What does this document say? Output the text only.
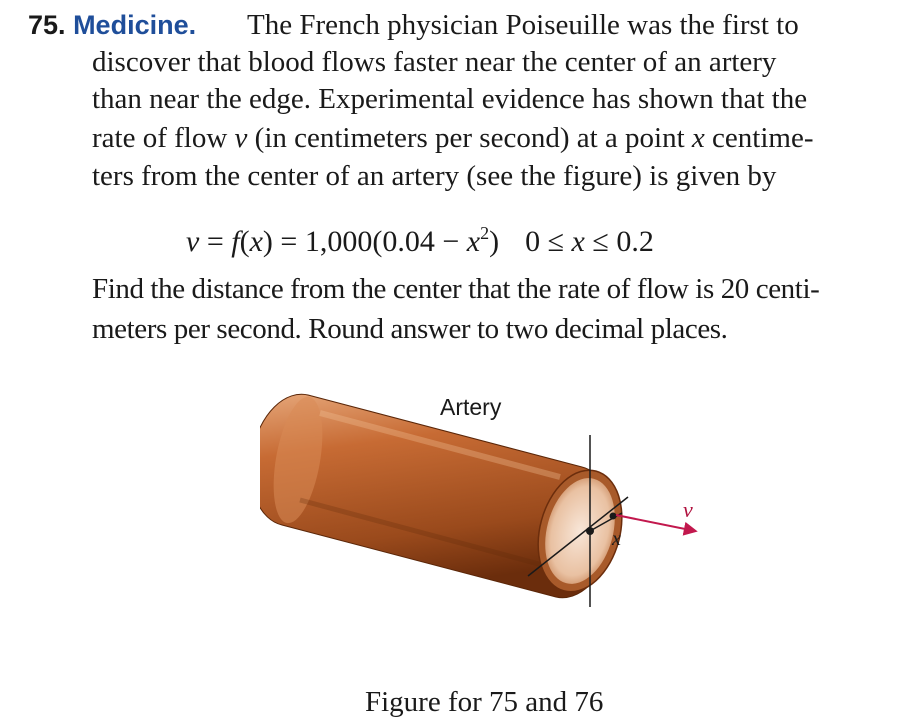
75. Medicine. The French physician Poiseuille was the first to
discover that blood flows faster near the center of an artery
than near the edge. Experimental evidence has shown that the
rate of flow v (in centimeters per second) at a point x centime-
ters from the center of an artery (see the figure) is given by
$v = f(x) = 1,000(0.04 - x^2)$ 0 ≤ x ≤ 0.2
Find the distance from the center that the rate of flow is 20 centi-
meters per second. Round answer to two decimal places.
Artery
x
v
Figure for 75 and 76
